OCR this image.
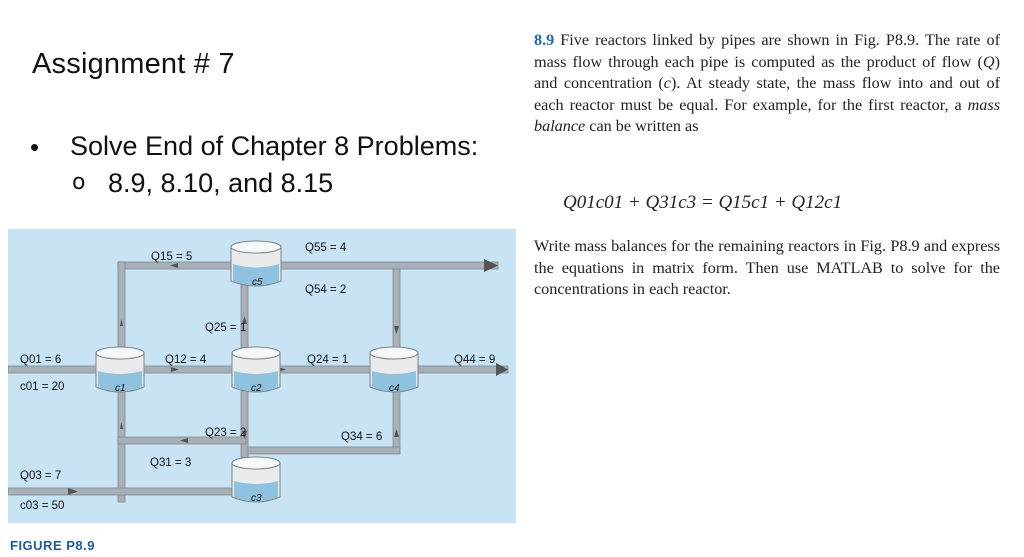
Assignment # 7
• Solve End of Chapter 8 Problems:
o 8.9, 8.10, and 8.15
8.9 Five reactors linked by pipes are shown in Fig. P8.9. The rate of mass flow through each pipe is computed as the product of flow (Q) and concentration (c). At steady state, the mass flow into and out of each reactor must be equal. For example, for the first reactor, a mass balance can be written as
Q01c01 + Q31c3 = Q15c1 + Q12c1
Write mass balances for the remaining reactors in Fig. P8.9 and express the equations in matrix form. Then use MATLAB to solve for the concentrations in each reactor.
c5
c1	c2	c4
c3
Q15 = 5
Q55 = 4
Q54 = 2
Q25 = 1
Q01 = 6
c01 = 20
Q12 = 4	Q24 = 1	Q44 = 9
Q23 = 2	Q34 = 6
Q31 = 3
Q03 = 7
c03 = 50
FIGURE P8.9
